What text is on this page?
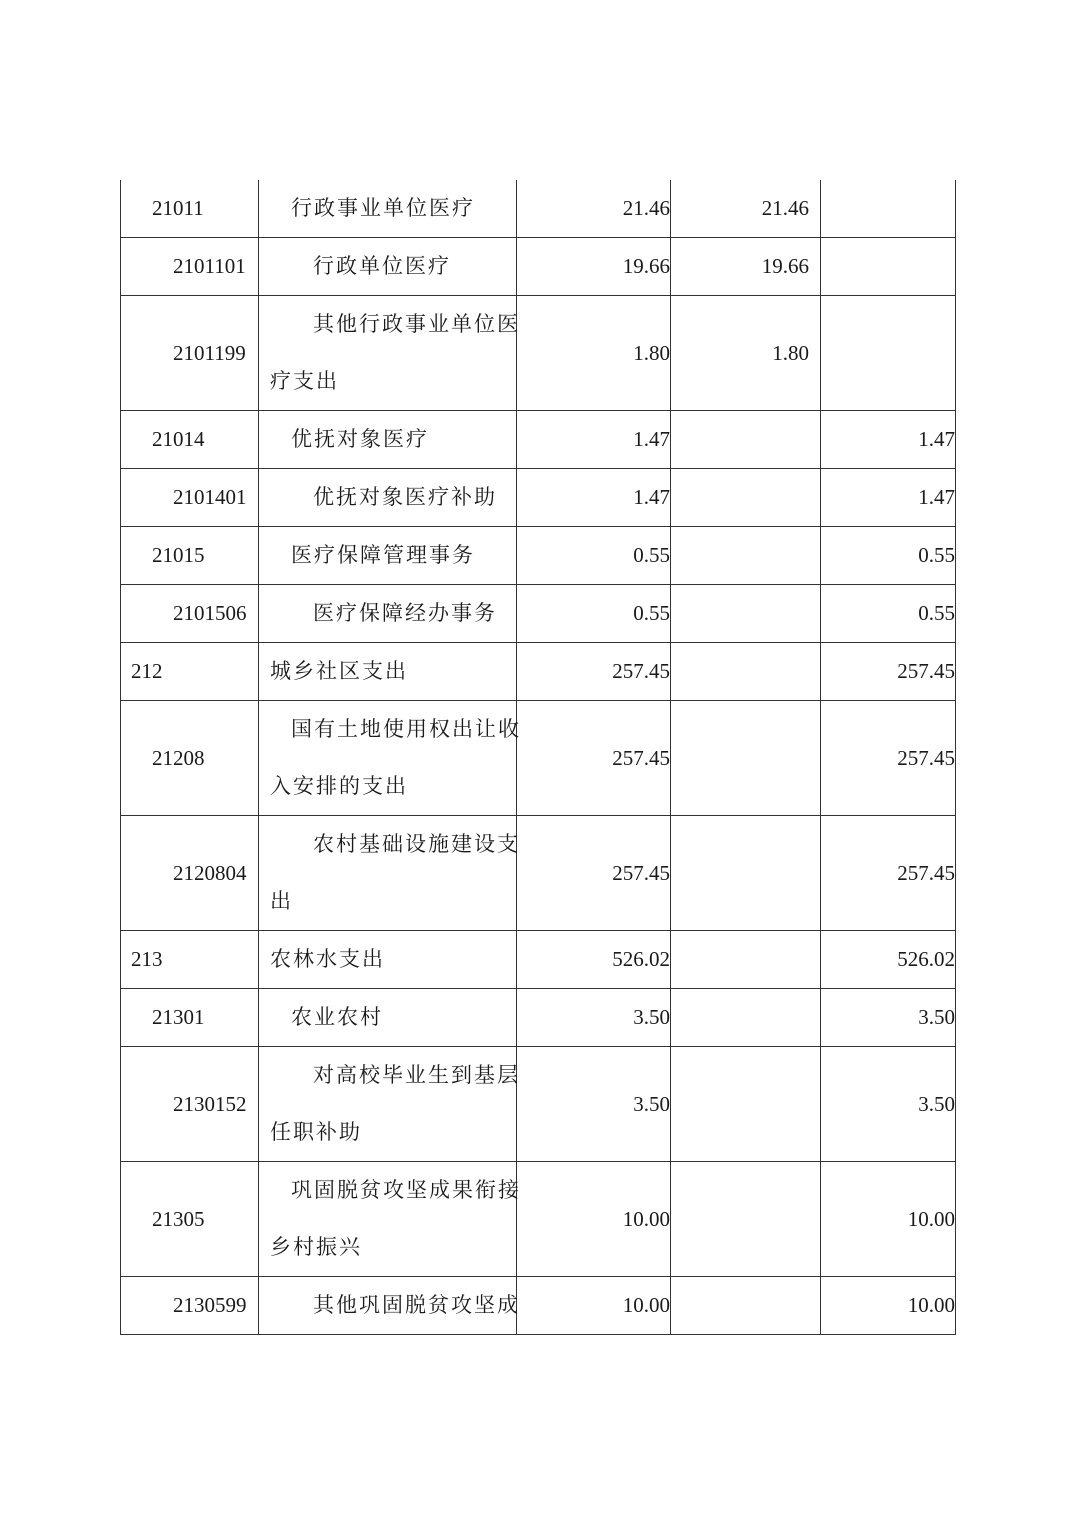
21011	行政事业单位医疗	21.46	21.46	
2101101	行政单位医疗	19.66	19.66	
2101199	其他行政事业单位医
疗支出	1.80	1.80	
21014	优抚对象医疗	1.47		1.47
2101401	优抚对象医疗补助	1.47		1.47
21015	医疗保障管理事务	0.55		0.55
2101506	医疗保障经办事务	0.55		0.55
212	城乡社区支出	257.45		257.45
21208	国有土地使用权出让收
入安排的支出	257.45		257.45
2120804	农村基础设施建设支
出	257.45		257.45
213	农林水支出	526.02		526.02
21301	农业农村	3.50		3.50
2130152	对高校毕业生到基层
任职补助	3.50		3.50
21305	巩固脱贫攻坚成果衔接
乡村振兴	10.00		10.00
2130599	其他巩固脱贫攻坚成	10.00		10.00
